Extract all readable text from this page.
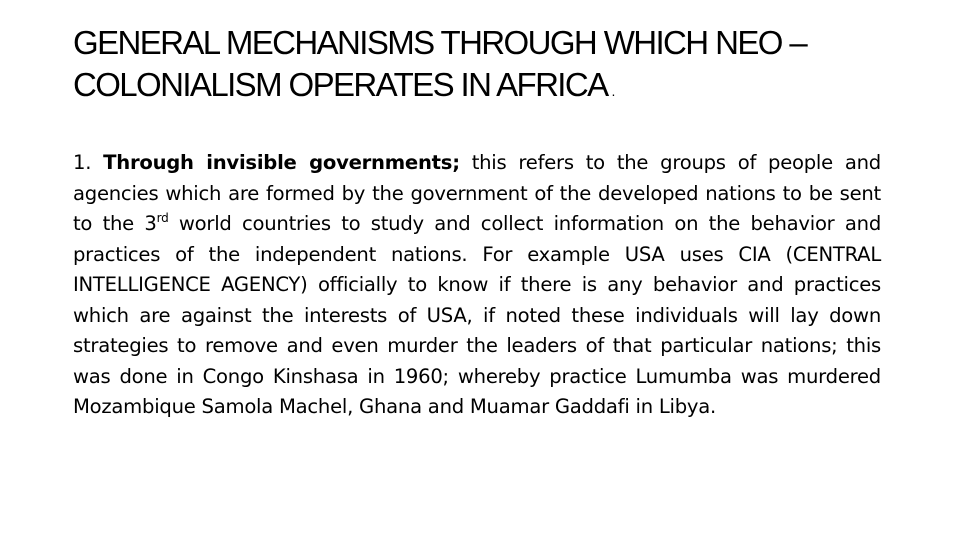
GENERAL MECHANISMS THROUGH WHICH NEO – COLONIALISM OPERATES IN AFRICA .

1. Through invisible governments; this refers to the groups of people and agencies which are formed by the government of the developed nations to be sent to the 3rd world countries to study and collect information on the behavior and practices of the independent nations. For example USA uses CIA (CENTRAL INTELLIGENCE AGENCY) officially to know if there is any behavior and practices which are against the interests of USA, if noted these individuals will lay down strategies to remove and even murder the leaders of that particular nations; this was done in Congo Kinshasa in 1960; whereby practice Lumumba was murdered Mozambique Samola Machel, Ghana and Muamar Gaddafi in Libya.
